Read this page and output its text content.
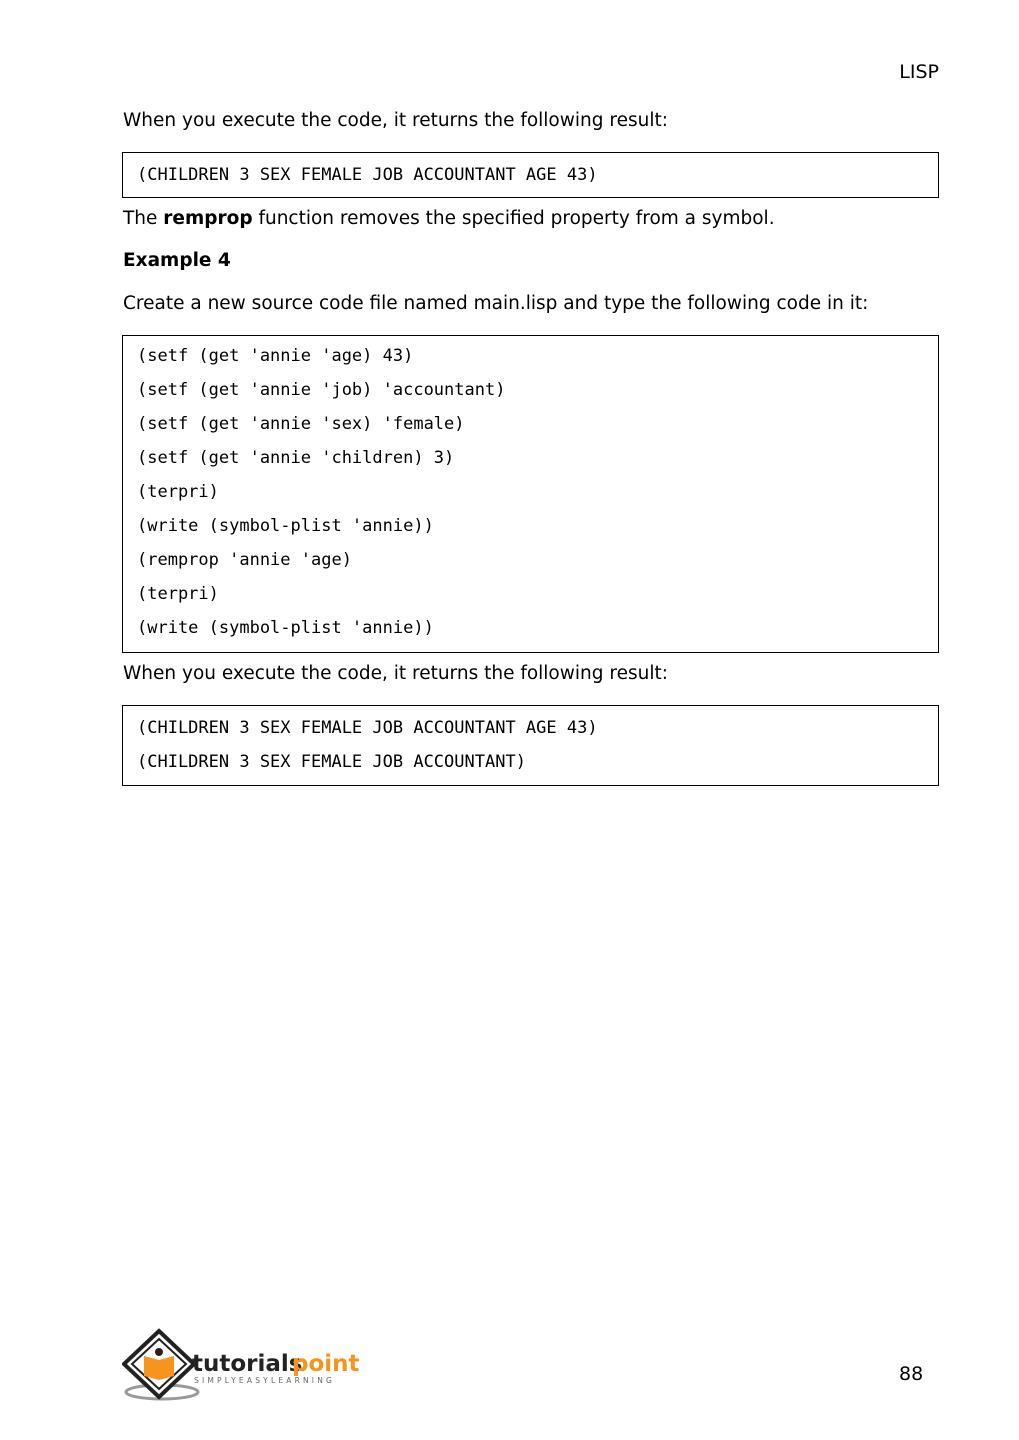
LISP
When you execute the code, it returns the following result:
(CHILDREN 3 SEX FEMALE JOB ACCOUNTANT AGE 43)
The remprop function removes the specified property from a symbol.
Example 4
Create a new source code file named main.lisp and type the following code in it:
(setf (get 'annie 'age) 43)
(setf (get 'annie 'job) 'accountant)
(setf (get 'annie 'sex) 'female)
(setf (get 'annie 'children) 3)
(terpri)
(write (symbol-plist 'annie))
(remprop 'annie 'age)
(terpri)
(write (symbol-plist 'annie))
When you execute the code, it returns the following result:
(CHILDREN 3 SEX FEMALE JOB ACCOUNTANT AGE 43)
(CHILDREN 3 SEX FEMALE JOB ACCOUNTANT)
tutorials
point
SIMPLYEASYLEARNING	88
